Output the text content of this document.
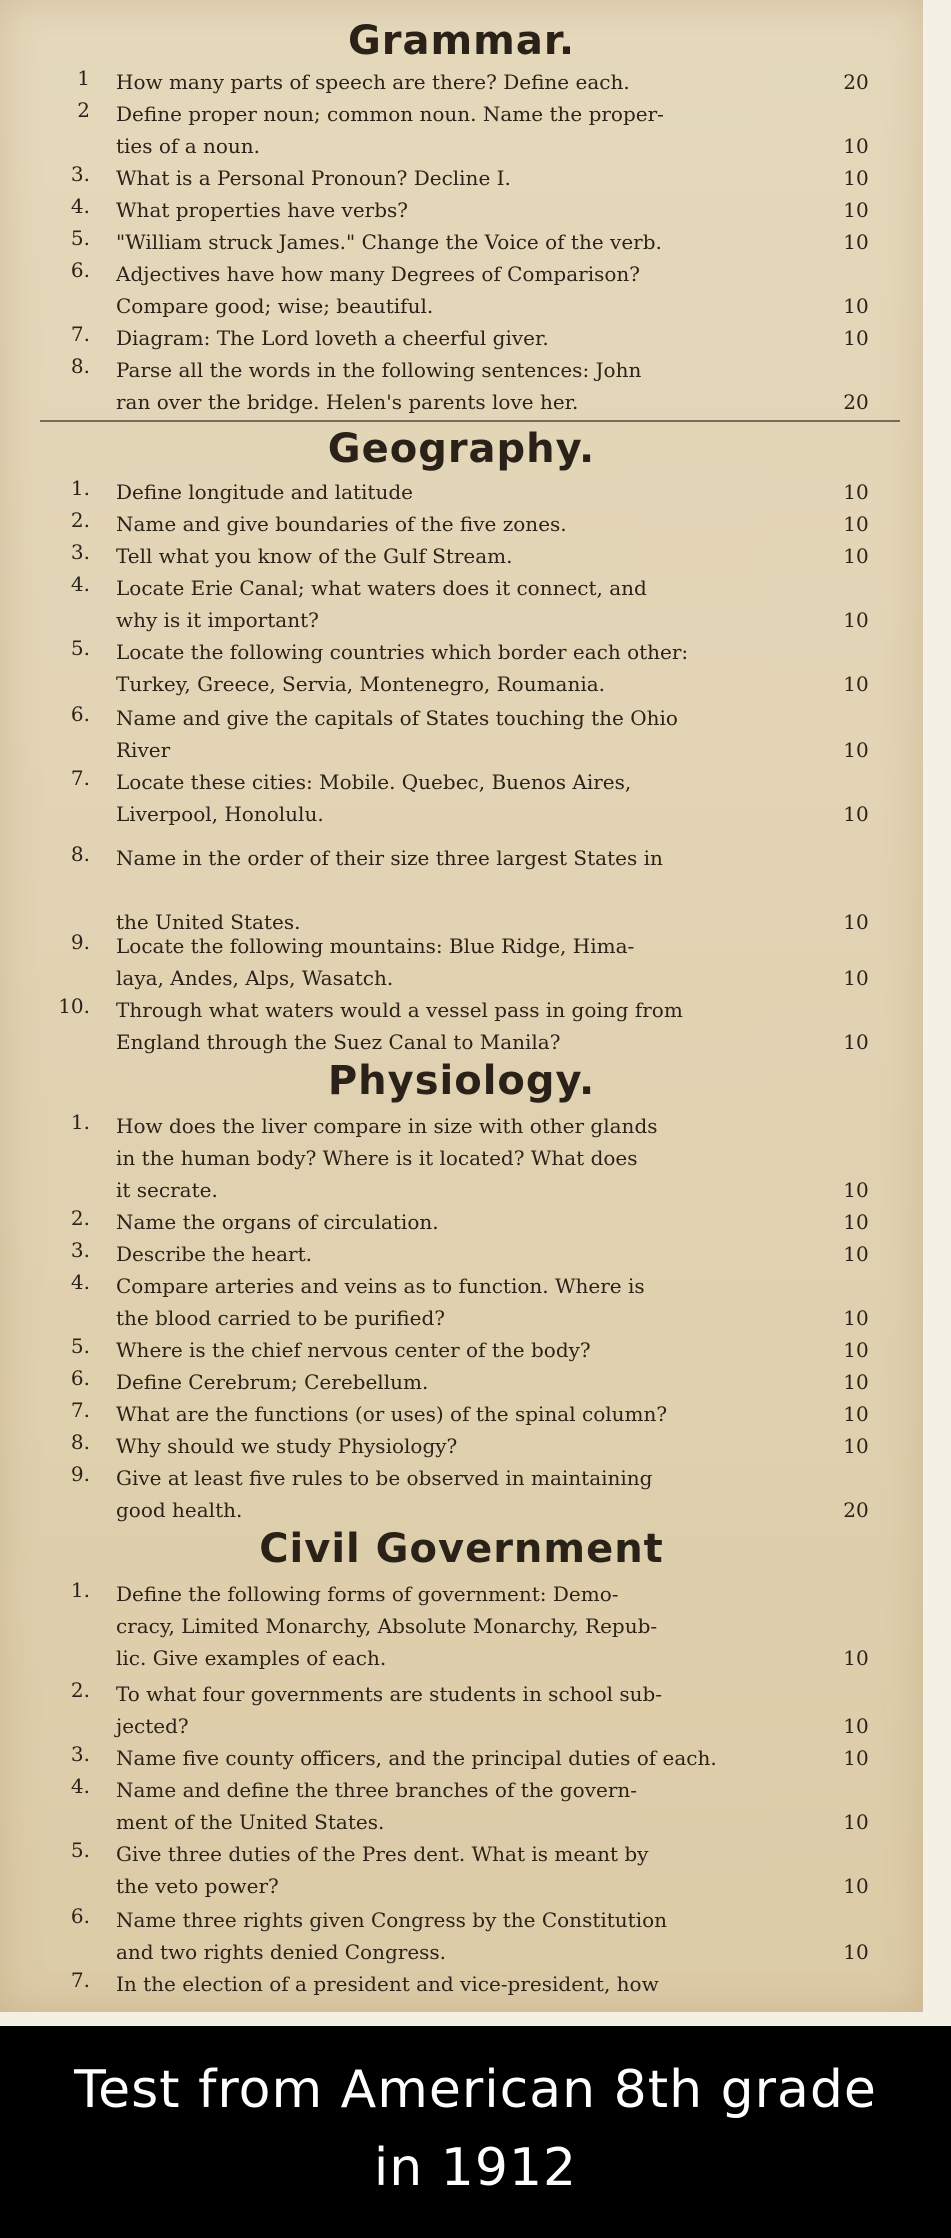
Grammar.
1 How many parts of speech are there? Define each.	20
2 Define proper noun; common noun. Name the proper-
ties of a noun.	10
3. What is a Personal Pronoun? Decline I.	10
4. What properties have verbs?	10
5. "William struck James." Change the Voice of the verb.	10
6. Adjectives have how many Degrees of Comparison?
Compare good; wise; beautiful.	10
7. Diagram: The Lord loveth a cheerful giver.	10
8. Parse all the words in the following sentences: John
ran over the bridge. Helen's parents love her.	20
Geography.
1. Define longitude and latitude	10
2. Name and give boundaries of the five zones.	10
3. Tell what you know of the Gulf Stream.	10
4. Locate Erie Canal; what waters does it connect, and
why is it important?	10
5. Locate the following countries which border each other:
Turkey, Greece, Servia, Montenegro, Roumania.	10
6. Name and give the capitals of States touching the Ohio
River	10
7. Locate these cities: Mobile. Quebec, Buenos Aires,
Liverpool, Honolulu.	10
8. Name in the order of their size three largest States in

the United States.	10
9. Locate the following mountains: Blue Ridge, Hima-
laya, Andes, Alps, Wasatch.	10
10. Through what waters would a vessel pass in going from
England through the Suez Canal to Manila?	10
Physiology.
1. How does the liver compare in size with other glands
in the human body? Where is it located? What does
it secrate.	10
2. Name the organs of circulation.	10
3. Describe the heart.	10
4. Compare arteries and veins as to function. Where is
the blood carried to be purified?	10
5. Where is the chief nervous center of the body?	10
6. Define Cerebrum; Cerebellum.	10
7. What are the functions (or uses) of the spinal column?	10
8. Why should we study Physiology?	10
9. Give at least five rules to be observed in maintaining
good health.	20
Civil Government
1. Define the following forms of government: Demo-
cracy, Limited Monarchy, Absolute Monarchy, Repub-
lic. Give examples of each.	10
2. To what four governments are students in school sub-
jected?	10
3. Name five county officers, and the principal duties of each.	10
4. Name and define the three branches of the govern-
ment of the United States.	10
5. Give three duties of the Pres dent. What is meant by
the veto power?	10
6. Name three rights given Congress by the Constitution
and two rights denied Congress.	10
7. In the election of a president and vice-president, how
Test from American 8th grade
in 1912
